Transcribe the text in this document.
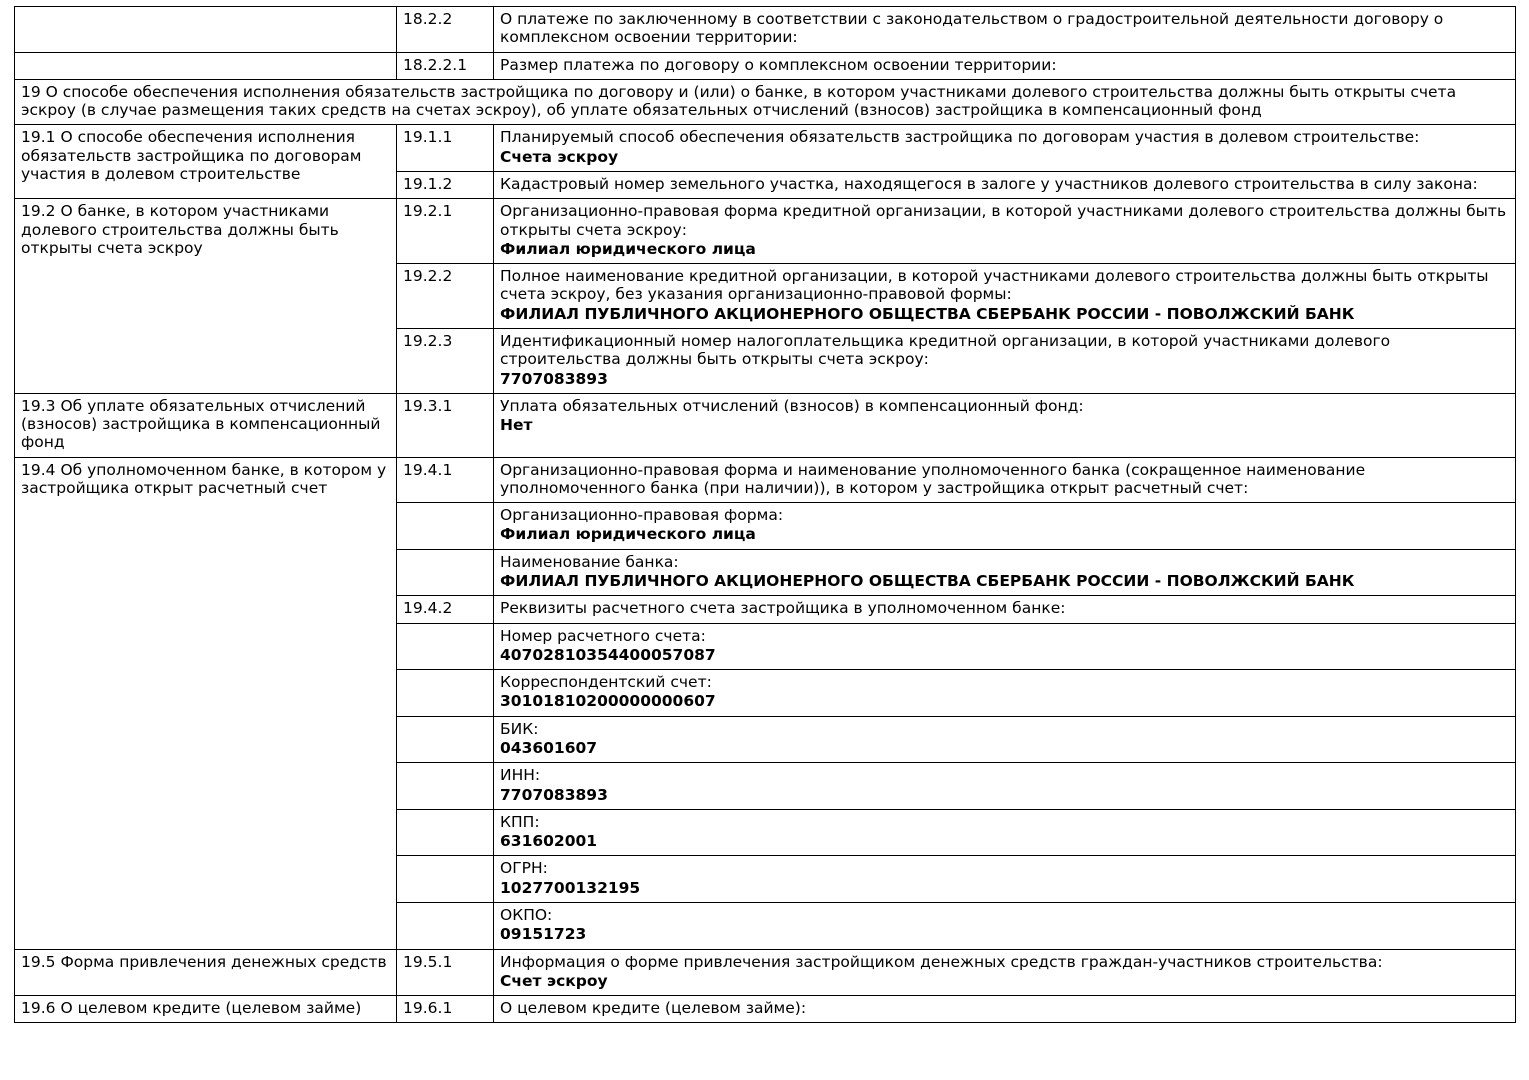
	18.2.2	О платеже по заключенному в соответствии с законодательством о градостроительной деятельности договору о комплексном освоении территории:
	18.2.2.1	Размер платежа по договору о комплексном освоении территории:
19 О способе обеспечения исполнения обязательств застройщика по договору и (или) о банке, в котором участниками долевого строительства должны быть открыты счета эскроу (в случае размещения таких средств на счетах эскроу), об уплате обязательных отчислений (взносов) застройщика в компенсационный фонд		
19.1 О способе обеспечения исполнения обязательств застройщика по договорам участия в долевом строительстве	19.1.1	Планируемый способ обеспечения обязательств застройщика по договорам участия в долевом строительстве:
Счета эскроу

	19.1.2	Кадастровый номер земельного участка, находящегося в залоге у участников долевого строительства в силу закона:
19.2 О банке, в котором участниками долевого строительства должны быть открыты счета эскроу	19.2.1	Организационно-правовая форма кредитной организации, в которой участниками долевого строительства должны быть открыты счета эскроу:
Филиал юридического лица

	19.2.2	Полное наименование кредитной организации, в которой участниками долевого строительства должны быть открыты счета эскроу, без указания организационно-правовой формы:
ФИЛИАЛ ПУБЛИЧНОГО АКЦИОНЕРНОГО ОБЩЕСТВА СБЕРБАНК РОССИИ - ПОВОЛЖСКИЙ БАНК

	19.2.3	Идентификационный номер налогоплательщика кредитной организации, в которой участниками долевого строительства должны быть открыты счета эскроу:
7707083893

19.3 Об уплате обязательных отчислений (взносов) застройщика в компенсационный фонд	19.3.1	Уплата обязательных отчислений (взносов) в компенсационный фонд:
Нет

19.4 Об уполномоченном банке, в котором у застройщика открыт расчетный счет	19.4.1	Организационно-правовая форма и наименование уполномоченного банка (сокращенное наименование уполномоченного банка (при наличии)), в котором у застройщика открыт расчетный счет:
		Организационно-правовая форма:
Филиал юридического лица

		Наименование банка:
ФИЛИАЛ ПУБЛИЧНОГО АКЦИОНЕРНОГО ОБЩЕСТВА СБЕРБАНК РОССИИ - ПОВОЛЖСКИЙ БАНК

	19.4.2	Реквизиты расчетного счета застройщика в уполномоченном банке:
		Номер расчетного счета:
40702810354400057087

		Корреспондентский счет:
30101810200000000607

		БИК:
043601607

		ИНН:
7707083893

		КПП:
631602001

		ОГРН:
1027700132195

		ОКПО:
09151723

19.5 Форма привлечения денежных средств	19.5.1	Информация о форме привлечения застройщиком денежных средств граждан-участников строительства:
Счет эскроу

19.6 О целевом кредите (целевом займе)	19.6.1	О целевом кредите (целевом займе):
